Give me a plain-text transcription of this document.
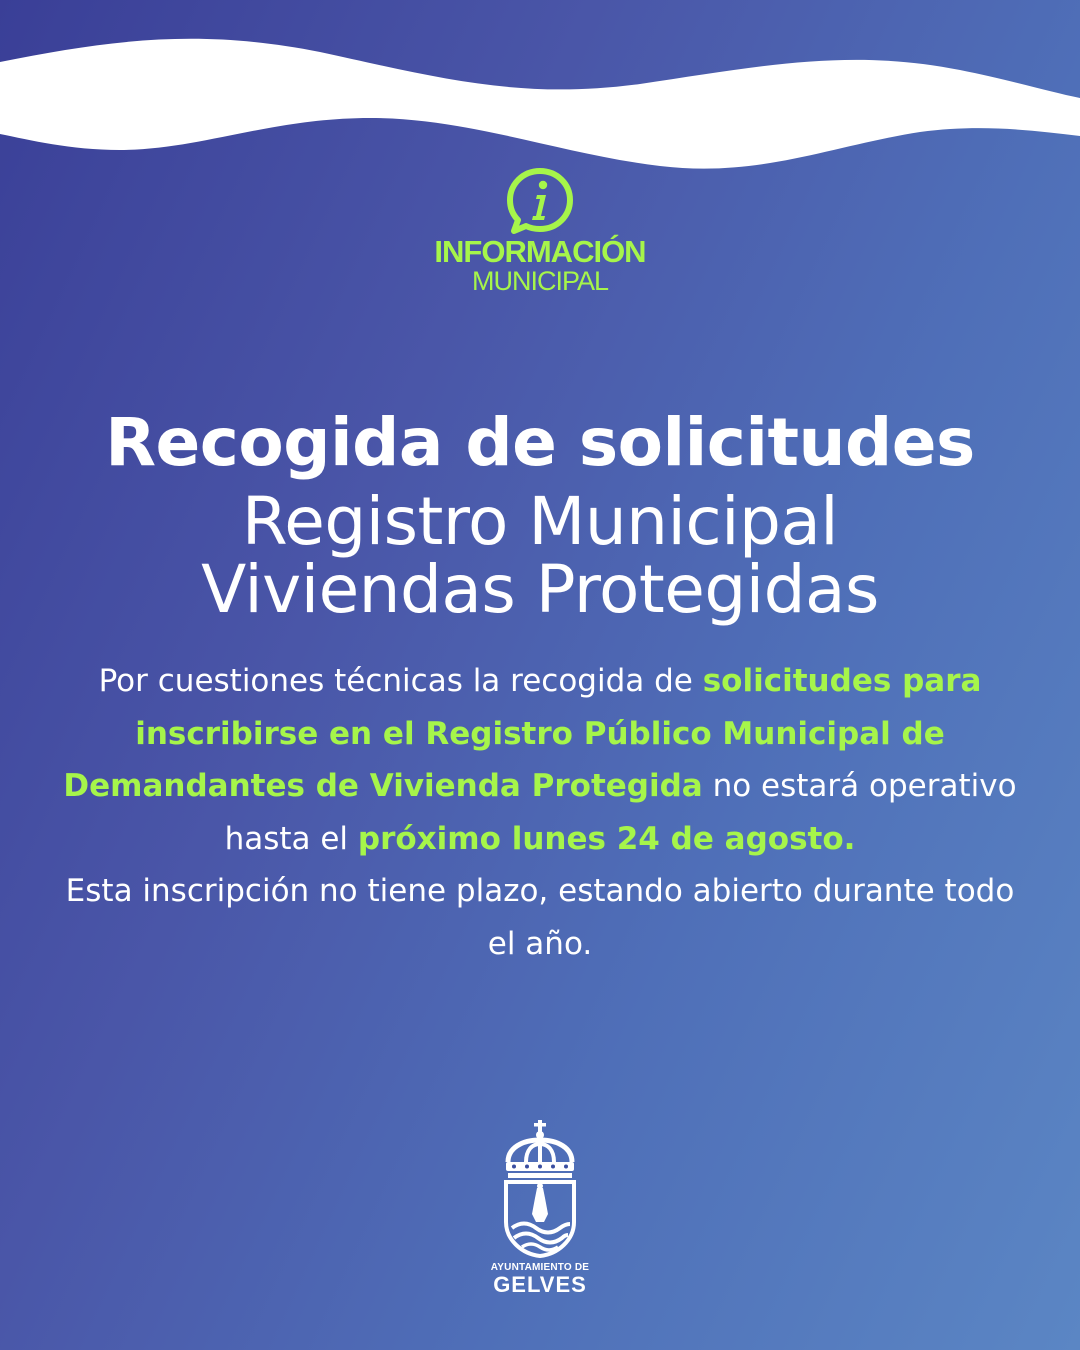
INFORMACIÓN
MUNICIPAL
Recogida de solicitudes
Registro Municipal
Viviendas Protegidas
Por cuestiones técnicas la recogida de solicitudes para inscribirse en el Registro Público Municipal de Demandantes de Vivienda Protegida no estará operativo hasta el próximo lunes 24 de agosto.
Esta inscripción no tiene plazo, estando abierto durante todo el año.
AYUNTAMIENTO DE
GELVES
